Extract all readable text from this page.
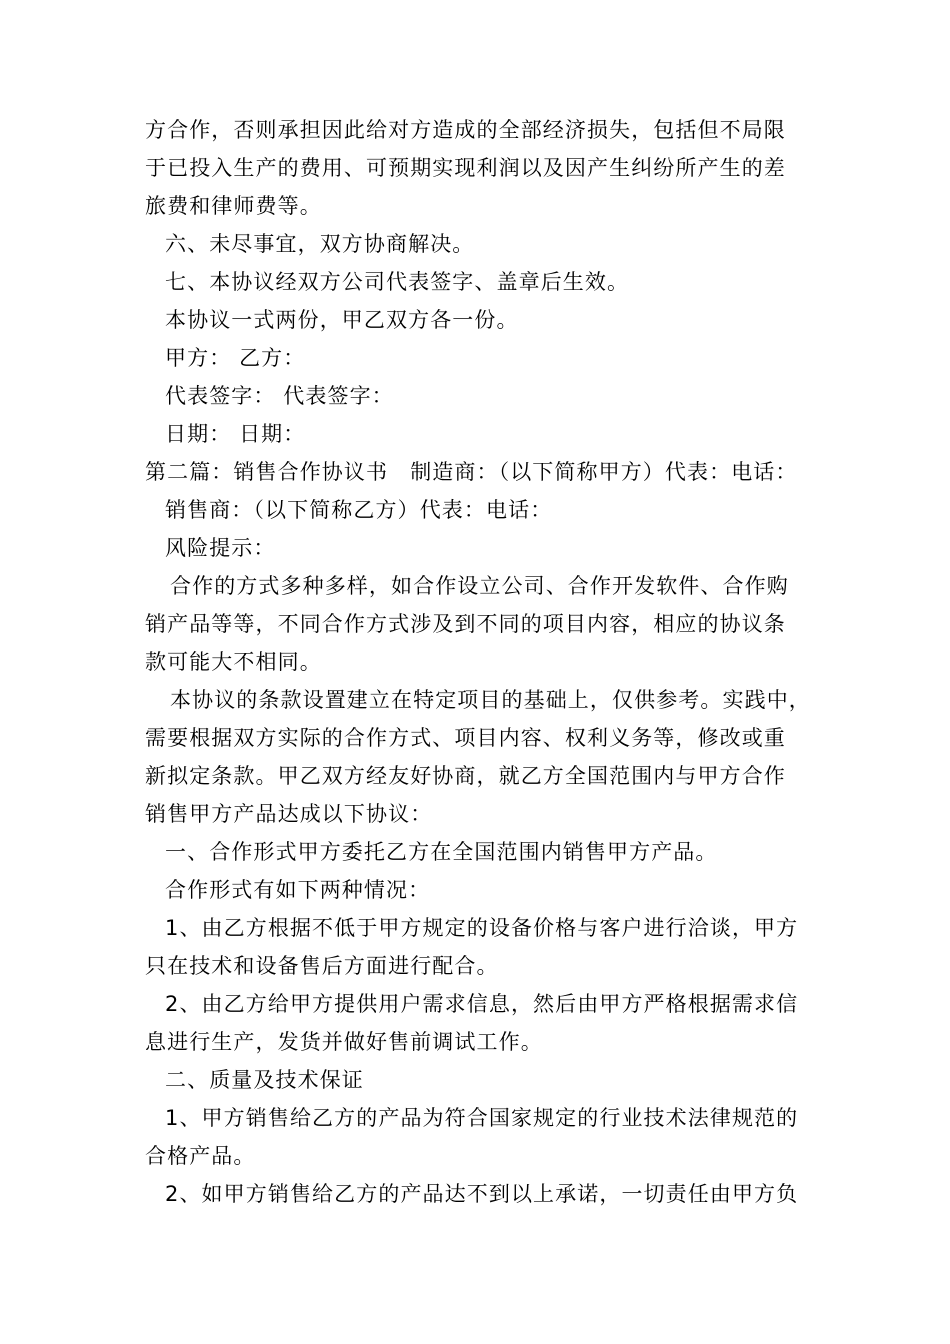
方合作，否则承担因此给对方造成的全部经济损失，包括但不局限
于已投入生产的费用、可预期实现利润以及因产生纠纷所产生的差
旅费和律师费等。
六、未尽事宜，双方协商解决。
七、本协议经双方公司代表签字、盖章后生效。
本协议一式两份，甲乙双方各一份。
甲方： 乙方：
代表签字： 代表签字：
日期： 日期：
第二篇：销售合作协议书　制造商：（以下简称甲方）代表：电话：
销售商：（以下简称乙方）代表：电话：
风险提示：
合作的方式多种多样，如合作设立公司、合作开发软件、合作购
销产品等等，不同合作方式涉及到不同的项目内容，相应的协议条
款可能大不相同。
本协议的条款设置建立在特定项目的基础上，仅供参考。实践中，
需要根据双方实际的合作方式、项目内容、权利义务等，修改或重
新拟定条款。甲乙双方经友好协商，就乙方全国范围内与甲方合作
销售甲方产品达成以下协议：
一、合作形式甲方委托乙方在全国范围内销售甲方产品。
合作形式有如下两种情况：
1、由乙方根据不低于甲方规定的设备价格与客户进行洽谈，甲方
只在技术和设备售后方面进行配合。
2、由乙方给甲方提供用户需求信息，然后由甲方严格根据需求信
息进行生产，发货并做好售前调试工作。
二、质量及技术保证
1、甲方销售给乙方的产品为符合国家规定的行业技术法律规范的
合格产品。
2、如甲方销售给乙方的产品达不到以上承诺，一切责任由甲方负
